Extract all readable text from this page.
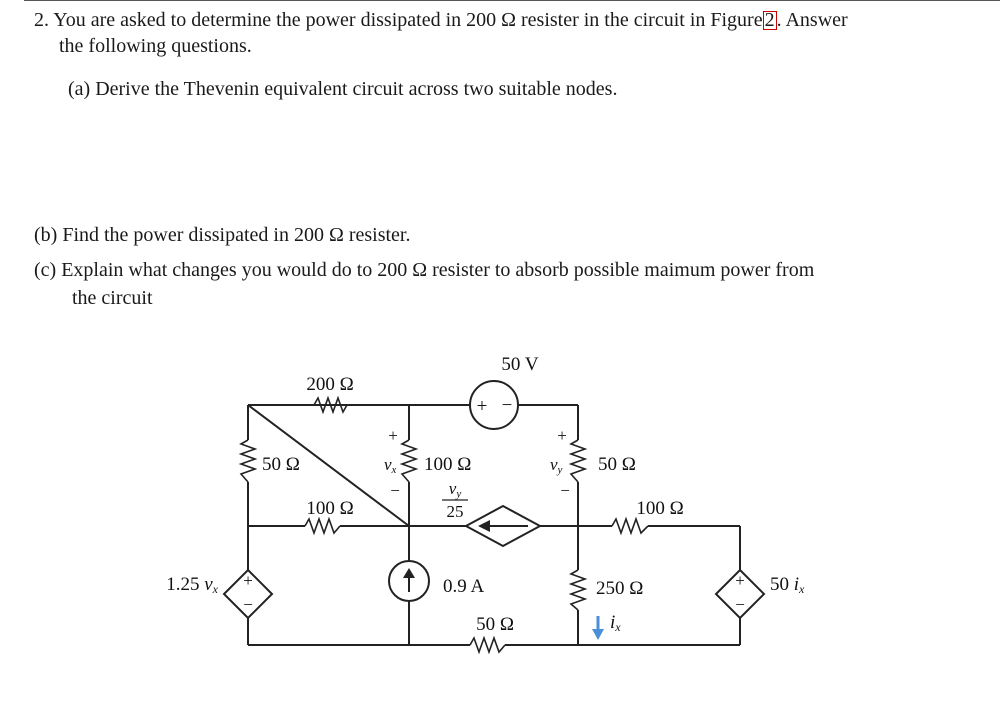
2. You are asked to determine the power dissipated in 200 Ω resister in the circuit in Figure 2 . Answer
the following questions.
(a) Derive the Thevenin equivalent circuit across two suitable nodes.
(b) Find the power dissipated in 200 Ω resister.
(c) Explain what changes you would do to 200 Ω resister to absorb possible maimum power from
the circuit
+ −
+
−
+
−
50 V
200 Ω
50 Ω
100 Ω
100 Ω	50 Ω
100 Ω
250 Ω
50 Ω
0.9 A
+
vx
−
+
vy
−
vy
25
1.25 vx	50 ix
ix
